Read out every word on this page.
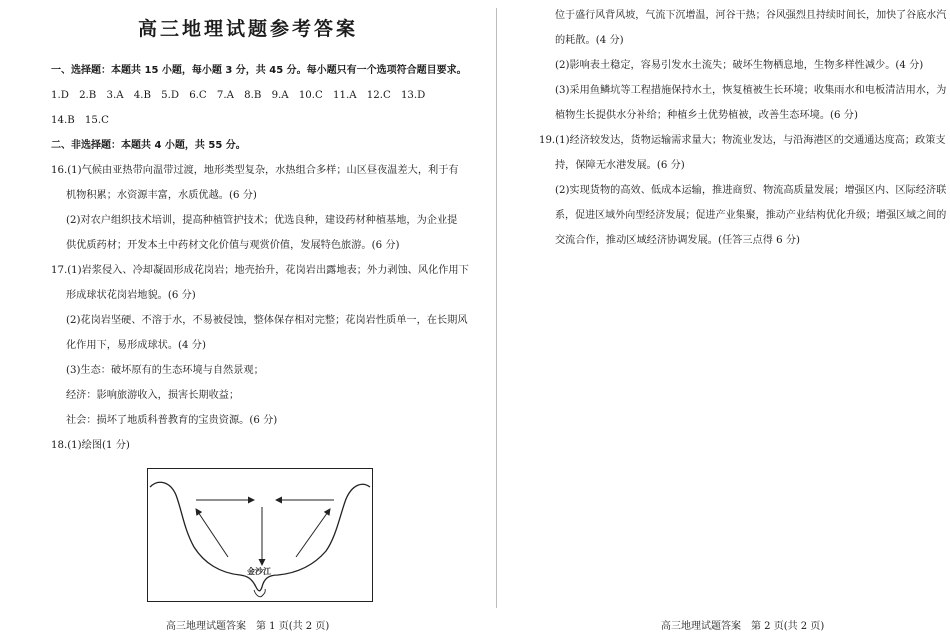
高三地理试题参考答案
一、选择题：本题共 15 小题，每小题 3 分，共 45 分。每小题只有一个选项符合题目要求。
1.D　2.B　3.A　4.B　5.D　6.C　7.A　8.B　9.A　10.C　11.A　12.C　13.D
14.B　15.C
二、非选择题：本题共 4 小题，共 55 分。
16.(1)气候由亚热带向温带过渡，地形类型复杂，水热组合多样；山区昼夜温差大，利于有
机物积累；水资源丰富，水质优越。(6 分)
(2)对农户组织技术培训，提高种植管护技术；优选良种，建设药材种植基地，为企业提
供优质药材；开发本土中药材文化价值与观赏价值，发展特色旅游。(6 分)
17.(1)岩浆侵入、冷却凝固形成花岗岩；地壳抬升，花岗岩出露地表；外力剥蚀、风化作用下
形成球状花岗岩地貌。(6 分)
(2)花岗岩坚硬、不溶于水，不易被侵蚀，整体保存相对完整；花岗岩性质单一，在长期风
化作用下，易形成球状。(4 分)
(3)生态：破坏原有的生态环境与自然景观；
经济：影响旅游收入，损害长期收益；
社会：损坏了地质科普教育的宝贵资源。(6 分)
18.(1)绘图(1 分)
金沙江
高三地理试题答案　第 1 页(共 2 页)
位于盛行风背风坡，气流下沉增温，河谷干热；谷风强烈且持续时间长，加快了谷底水汽
的耗散。(4 分)
(2)影响表土稳定，容易引发水土流失；破坏生物栖息地，生物多样性减少。(4 分)
(3)采用鱼鳞坑等工程措施保持水土，恢复植被生长环境；收集雨水和电板清洁用水，为
植物生长提供水分补给；种植乡土优势植被，改善生态环境。(6 分)
19.(1)经济较发达，货物运输需求量大；物流业发达，与沿海港区的交通通达度高；政策支
持，保障无水港发展。(6 分)
(2)实现货物的高效、低成本运输，推进商贸、物流高质量发展；增强区内、区际经济联
系，促进区域外向型经济发展；促进产业集聚，推动产业结构优化升级；增强区域之间的
交流合作，推动区域经济协调发展。(任答三点得 6 分)
高三地理试题答案　第 2 页(共 2 页)
